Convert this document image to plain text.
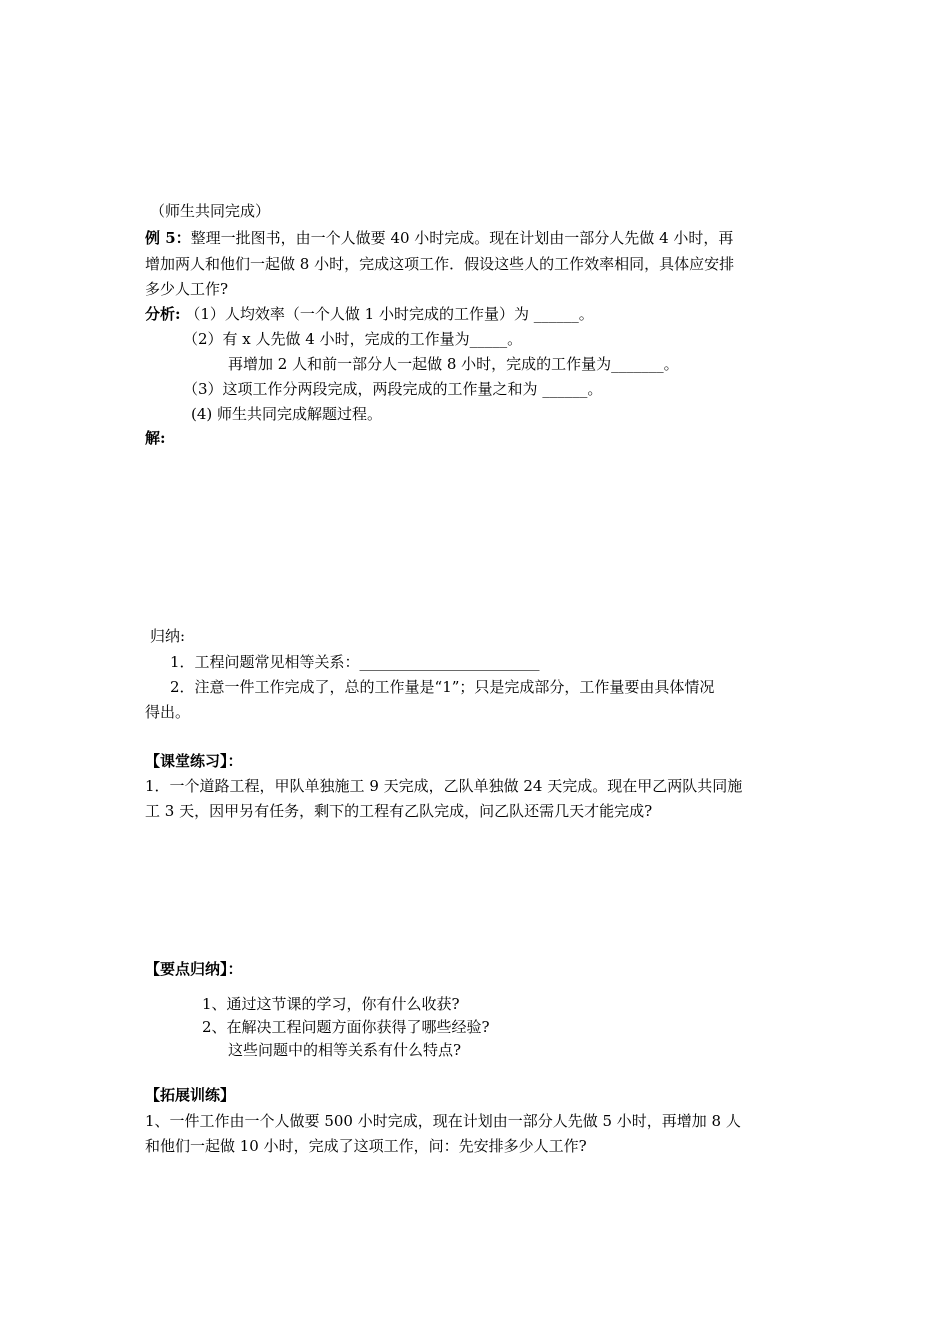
（师生共同完成）
例 5：整理一批图书，由一个人做要 40 小时完成。现在计划由一部分人先做 4 小时，再
增加两人和他们一起做 8 小时，完成这项工作．假设这些人的工作效率相同，具体应安排
多少人工作?
分析: （1）人均效率（一个人做 1 小时完成的工作量）为 ______。
（2）有 x 人先做 4 小时，完成的工作量为_____。
再增加 2 人和前一部分人一起做 8 小时，完成的工作量为_______。
（3）这项工作分两段完成，两段完成的工作量之和为 ______。
(4) 师生共同完成解题过程。
解:
归纳:
1．工程问题常见相等关系：________________________
2．注意一件工作完成了，总的工作量是“1”；只是完成部分，工作量要由具体情况
得出。
【课堂练习】：
1．一个道路工程，甲队单独施工 9 天完成，乙队单独做 24 天完成。现在甲乙两队共同施
工 3 天，因甲另有任务，剩下的工程有乙队完成，问乙队还需几天才能完成?
【要点归纳】：
1、通过这节课的学习，你有什么收获?
2、在解决工程问题方面你获得了哪些经验?
这些问题中的相等关系有什么特点?
【拓展训练】
1、一件工作由一个人做要 500 小时完成，现在计划由一部分人先做 5 小时，再增加 8 人
和他们一起做 10 小时，完成了这项工作，问：先安排多少人工作?
